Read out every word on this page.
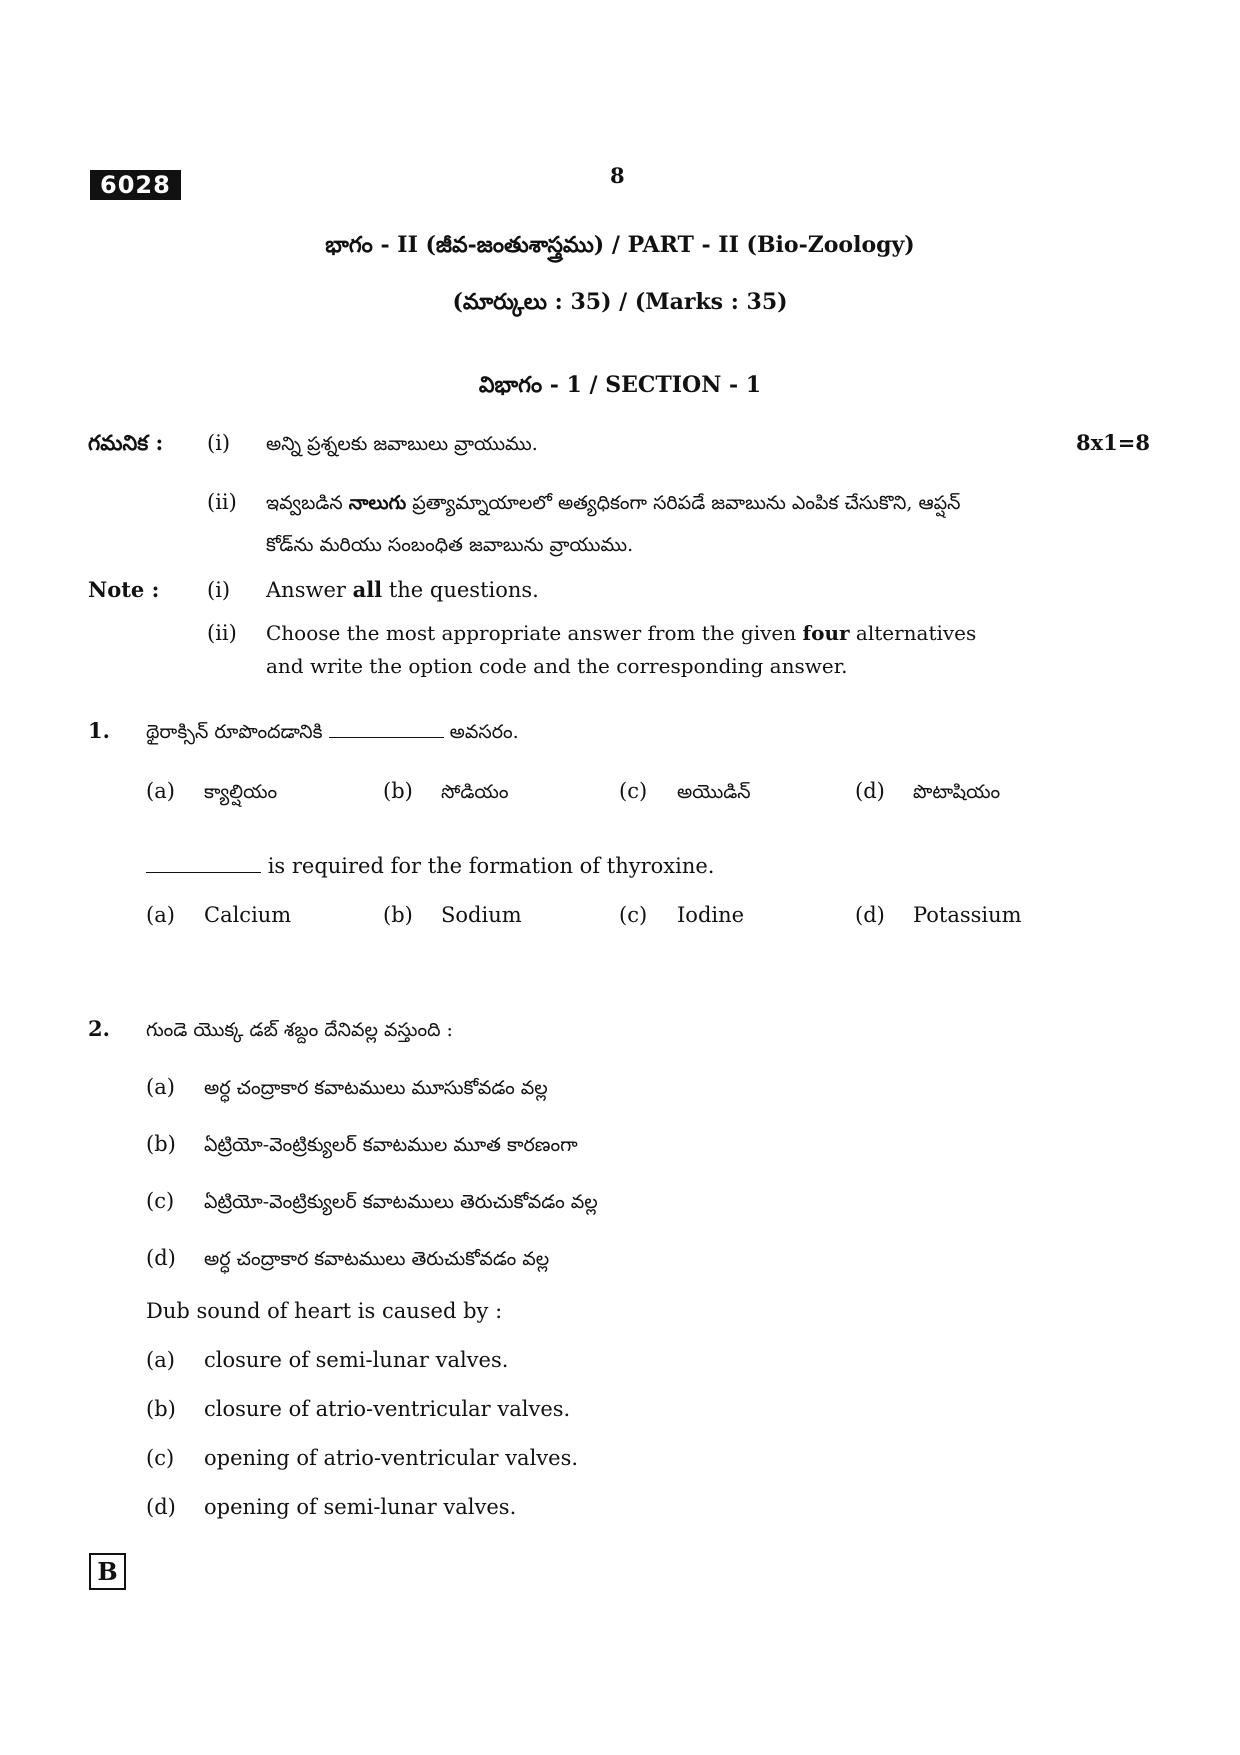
6028	8
భాగం - II (జీవ-జంతుశాస్త్రము) / PART - II (Bio-Zoology)
(మార్కులు : 35) / (Marks : 35)
విభాగం - 1 / SECTION - 1
గమనిక : (i) అన్ని ప్రశ్నలకు జవాబులు వ్రాయుము.	8x1=8
(ii) ఇవ్వబడిన నాలుగు ప్రత్యామ్నాయాలలో అత్యధికంగా సరిపడే జవాబును ఎంపిక చేసుకొని, ఆప్షన్
కోడ్‌ను మరియు సంబంధిత జవాబును వ్రాయుము.
Note : (i) Answer all the questions.
(ii) Choose the most appropriate answer from the given four alternatives
and write the option code and the corresponding answer.
1. థైరాక్సిన్ రూపొందడానికి	అవసరం.
(a) క్యాల్షియం	(b) సోడియం	(c) అయొడిన్	(d) పొటాషియం
is required for the formation of thyroxine.
(a) Calcium	(b) Sodium	(c) Iodine	(d) Potassium
2. గుండె యొక్క డబ్ శబ్దం దేనివల్ల వస్తుంది :
(a) అర్ధ చంద్రాకార కవాటములు మూసుకోవడం వల్ల
(b) ఏట్రియో-వెంట్రిక్యులర్ కవాటముల మూత కారణంగా
(c) ఏట్రియో-వెంట్రిక్యులర్ కవాటములు తెరుచుకోవడం వల్ల
(d) అర్ధ చంద్రాకార కవాటములు తెరుచుకోవడం వల్ల
Dub sound of heart is caused by :
(a) closure of semi-lunar valves.
(b) closure of atrio-ventricular valves.
(c) opening of atrio-ventricular valves.
(d) opening of semi-lunar valves.
B
